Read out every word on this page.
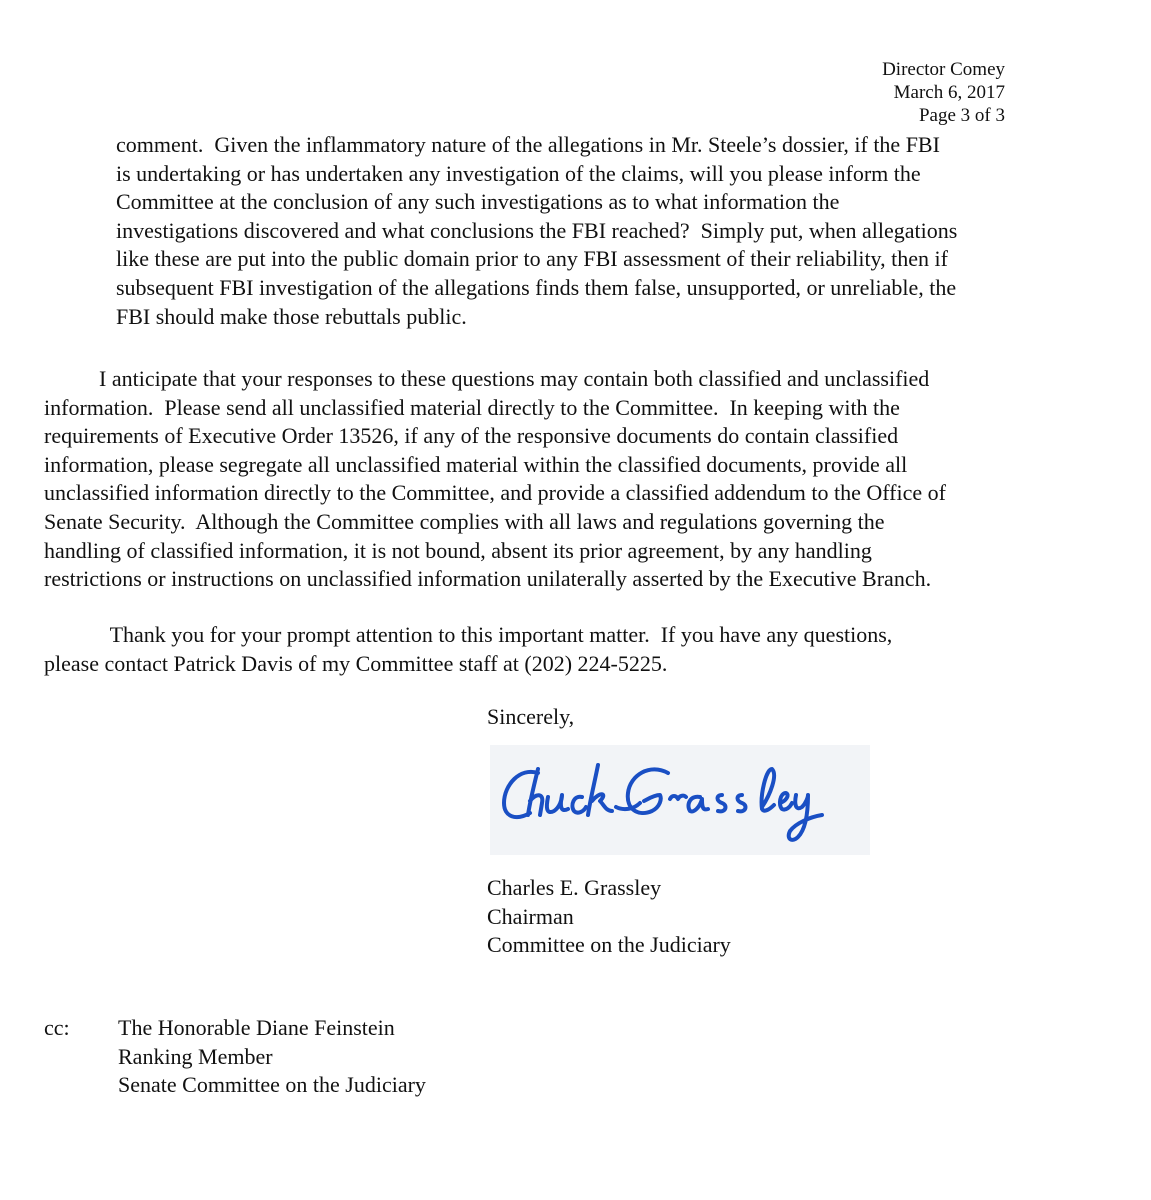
Director Comey
March 6, 2017
Page 3 of 3
comment.  Given the inflammatory nature of the allegations in Mr. Steele’s dossier, if the FBI
is undertaking or has undertaken any investigation of the claims, will you please inform the
Committee at the conclusion of any such investigations as to what information the
investigations discovered and what conclusions the FBI reached?  Simply put, when allegations
like these are put into the public domain prior to any FBI assessment of their reliability, then if
subsequent FBI investigation of the allegations finds them false, unsupported, or unreliable, the
FBI should make those rebuttals public.
I anticipate that your responses to these questions may contain both classified and unclassified
information.  Please send all unclassified material directly to the Committee.  In keeping with the
requirements of Executive Order 13526, if any of the responsive documents do contain classified
information, please segregate all unclassified material within the classified documents, provide all
unclassified information directly to the Committee, and provide a classified addendum to the Office of
Senate Security.  Although the Committee complies with all laws and regulations governing the
handling of classified information, it is not bound, absent its prior agreement, by any handling
restrictions or instructions on unclassified information unilaterally asserted by the Executive Branch.
Thank you for your prompt attention to this important matter.  If you have any questions,
please contact Patrick Davis of my Committee staff at (202) 224-5225.
Sincerely,
Charles E. Grassley
Chairman
Committee on the Judiciary
cc: The Honorable Diane Feinstein
Ranking Member
Senate Committee on the Judiciary
